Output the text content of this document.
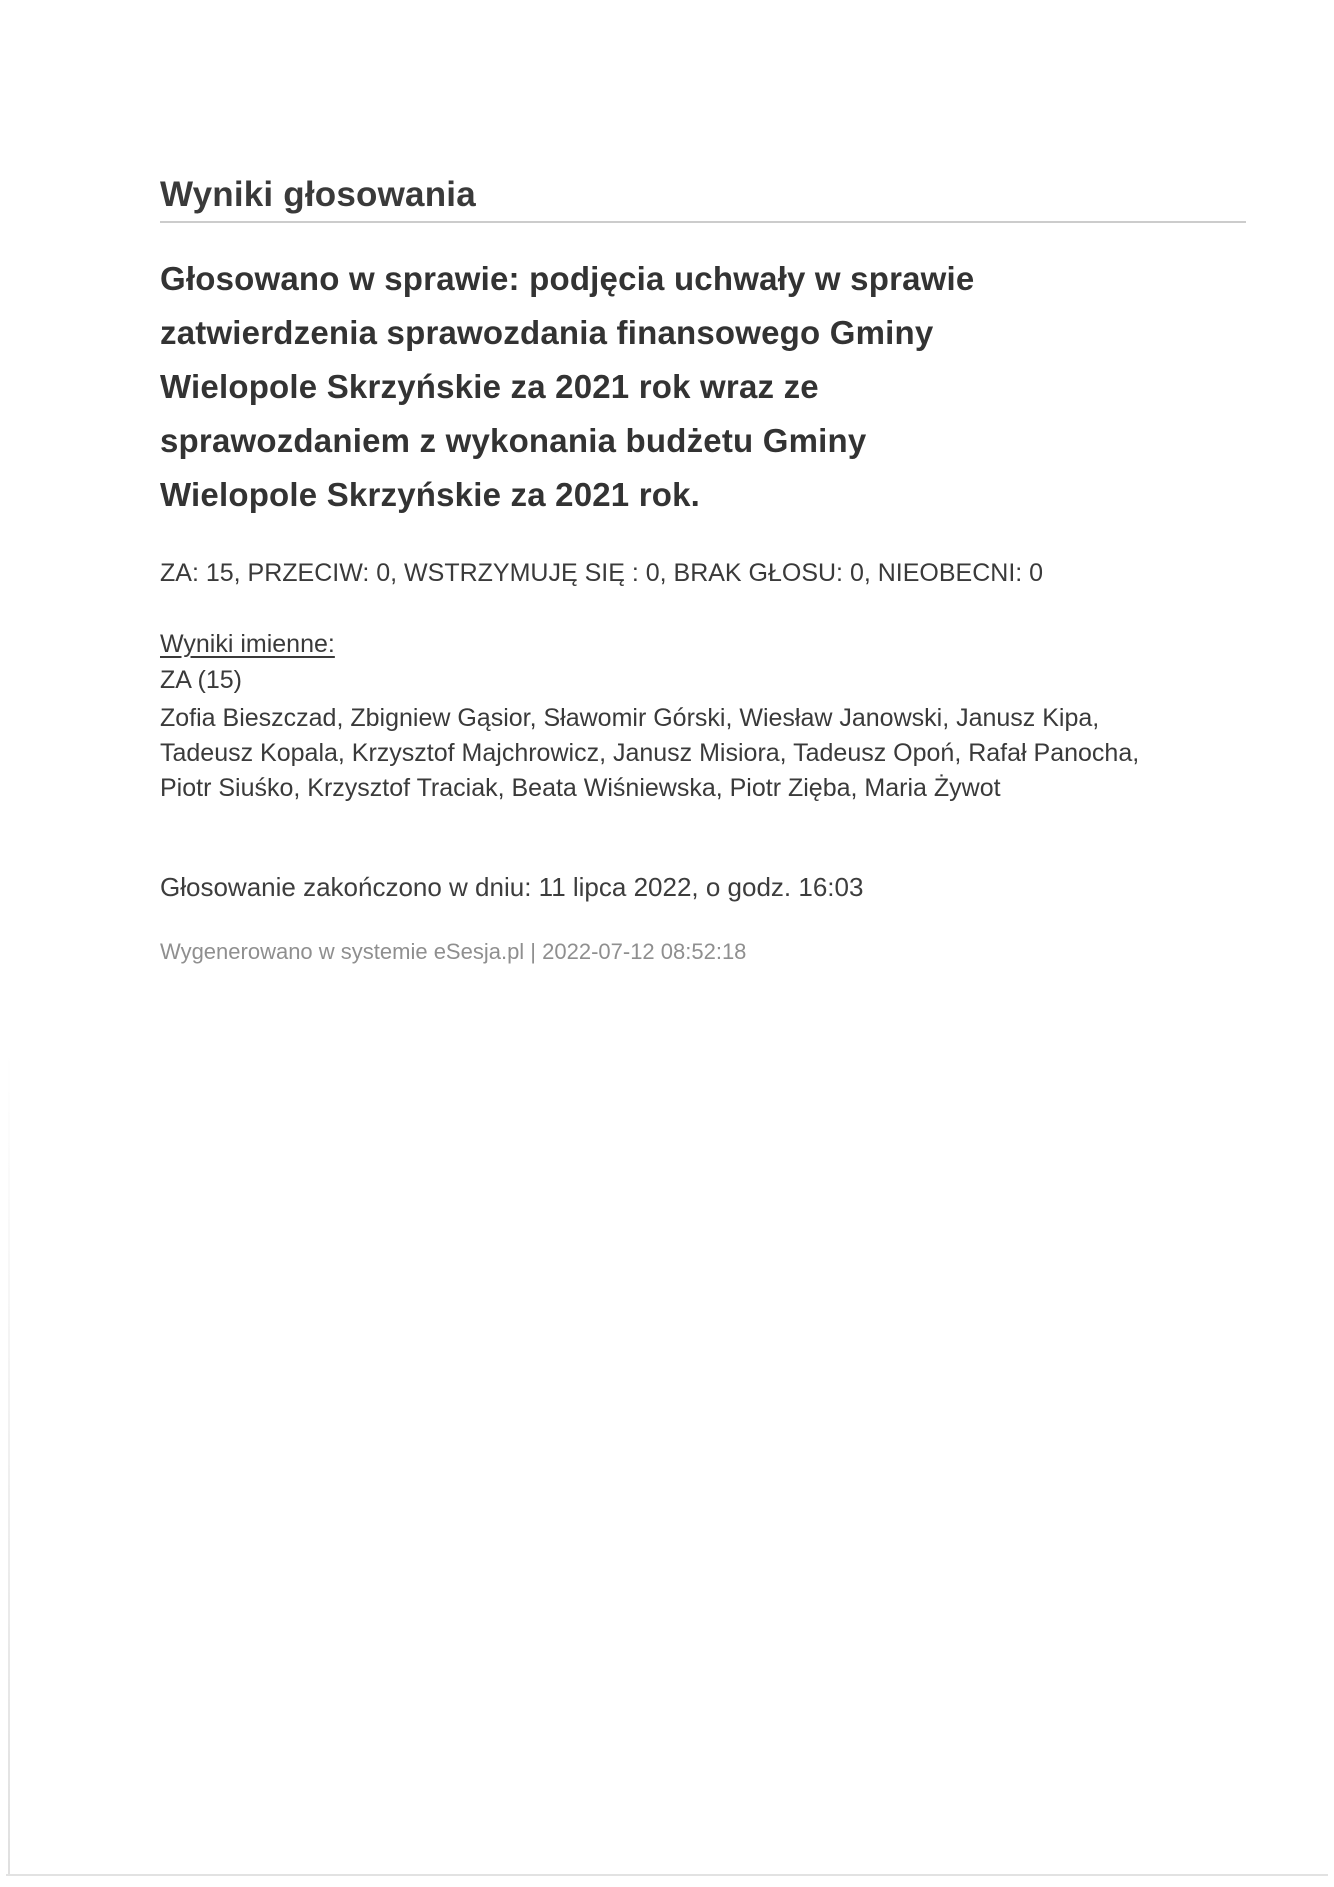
Wyniki głosowania
Głosowano w sprawie: podjęcia uchwały w sprawie
zatwierdzenia sprawozdania finansowego Gminy
Wielopole Skrzyńskie za 2021 rok wraz ze
sprawozdaniem z wykonania budżetu Gminy
Wielopole Skrzyńskie za 2021 rok.
ZA: 15, PRZECIW: 0, WSTRZYMUJĘ SIĘ : 0, BRAK GŁOSU: 0, NIEOBECNI: 0
Wyniki imienne:
ZA (15)
Zofia Bieszczad, Zbigniew Gąsior, Sławomir Górski, Wiesław Janowski, Janusz Kipa,
Tadeusz Kopala, Krzysztof Majchrowicz, Janusz Misiora, Tadeusz Opoń, Rafał Panocha,
Piotr Siuśko, Krzysztof Traciak, Beata Wiśniewska, Piotr Zięba, Maria Żywot
Głosowanie zakończono w dniu: 11 lipca 2022, o godz. 16:03
Wygenerowano w systemie eSesja.pl | 2022-07-12 08:52:18
